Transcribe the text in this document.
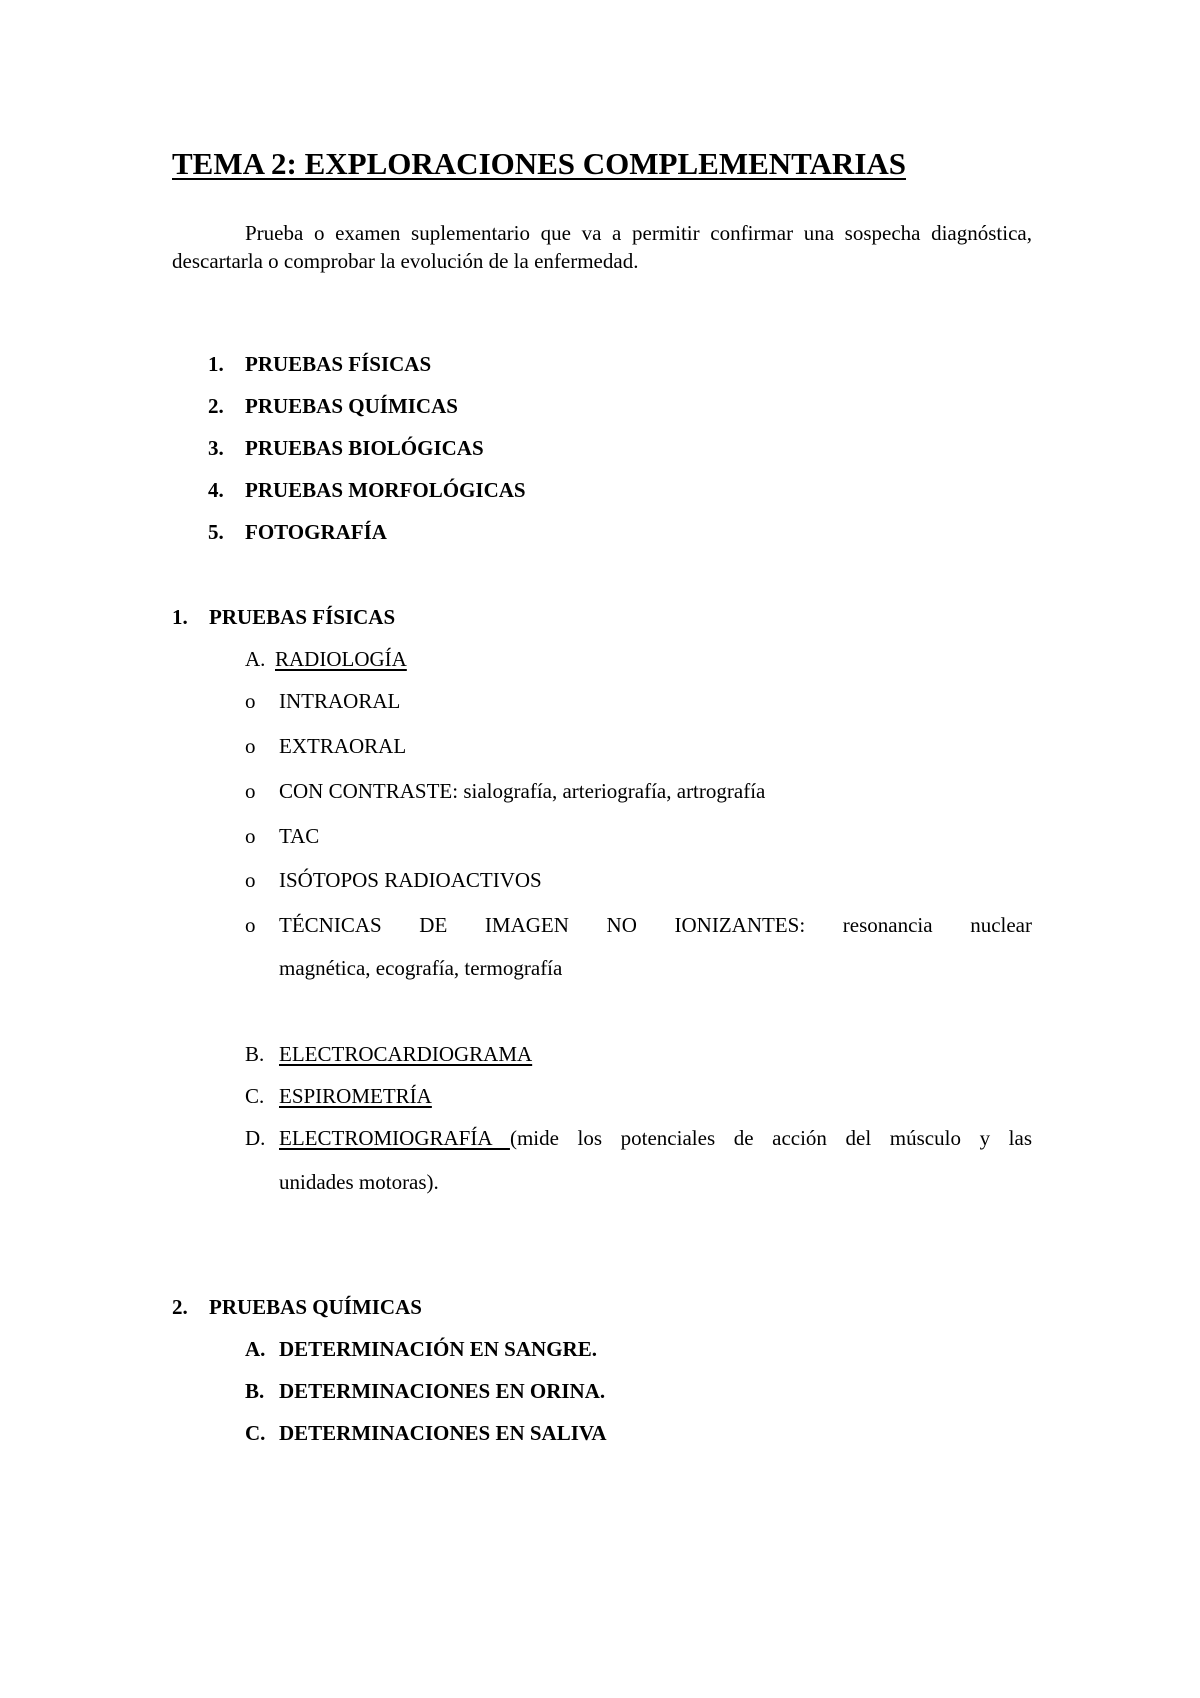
TEMA 2: EXPLORACIONES COMPLEMENTARIAS
Prueba o examen suplementario que va a permitir confirmar una sospecha diagnóstica, descartarla o comprobar la evolución de la enfermedad.
1. PRUEBAS FÍSICAS
2. PRUEBAS QUÍMICAS
3. PRUEBAS BIOLÓGICAS
4. PRUEBAS MORFOLÓGICAS
5. FOTOGRAFÍA
1. PRUEBAS FÍSICAS
A. RADIOLOGÍA
o INTRAORAL
o EXTRAORAL
o CON CONTRASTE: sialografía, arteriografía, artrografía
o TAC
o ISÓTOPOS RADIOACTIVOS
o TÉCNICAS DE IMAGEN NO IONIZANTES: resonancia nuclear
magnética, ecografía, termografía
B. ELECTROCARDIOGRAMA
C. ESPIROMETRÍA
D. ELECTROMIOGRAFÍA (mide los potenciales de acción del músculo y las
unidades motoras).
2. PRUEBAS QUÍMICAS
A. DETERMINACIÓN EN SANGRE.
B. DETERMINACIONES EN ORINA.
C. DETERMINACIONES EN SALIVA
